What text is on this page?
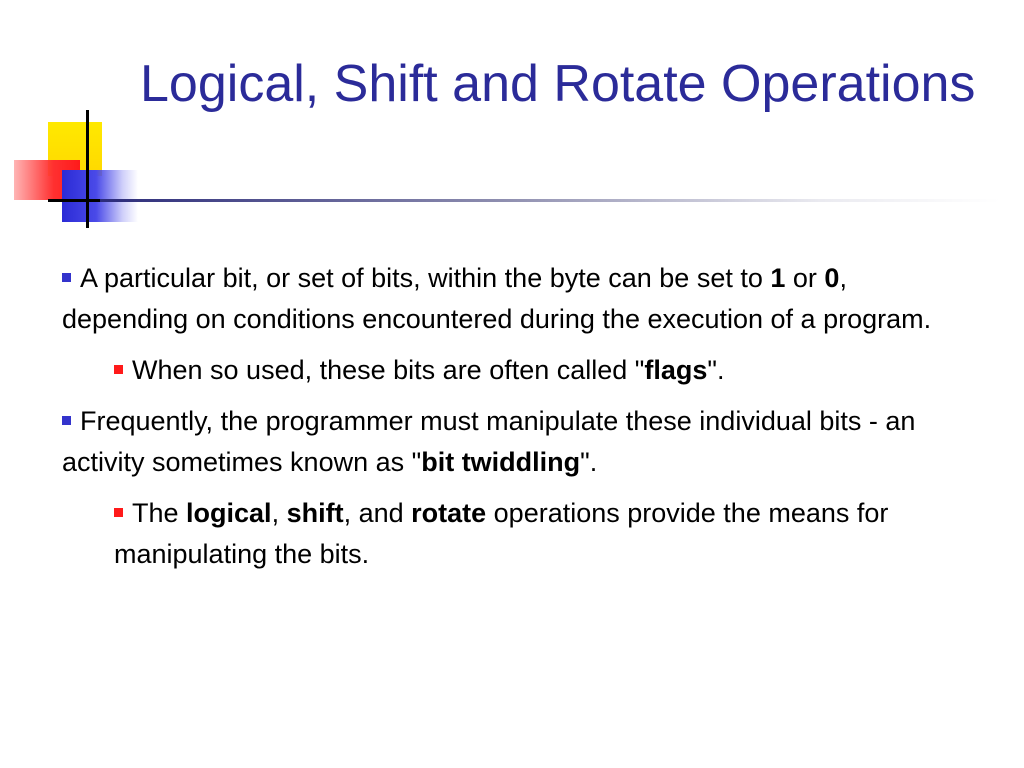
Logical, Shift and Rotate Operations

A particular bit, or set of bits, within the byte can be set to 1 or 0, depending on conditions encountered during the execution of a program.

When so used, these bits are often called "flags".

Frequently, the programmer must manipulate these individual bits - an activity sometimes known as "bit twiddling".

The logical, shift, and rotate operations provide the means for manipulating the bits.
